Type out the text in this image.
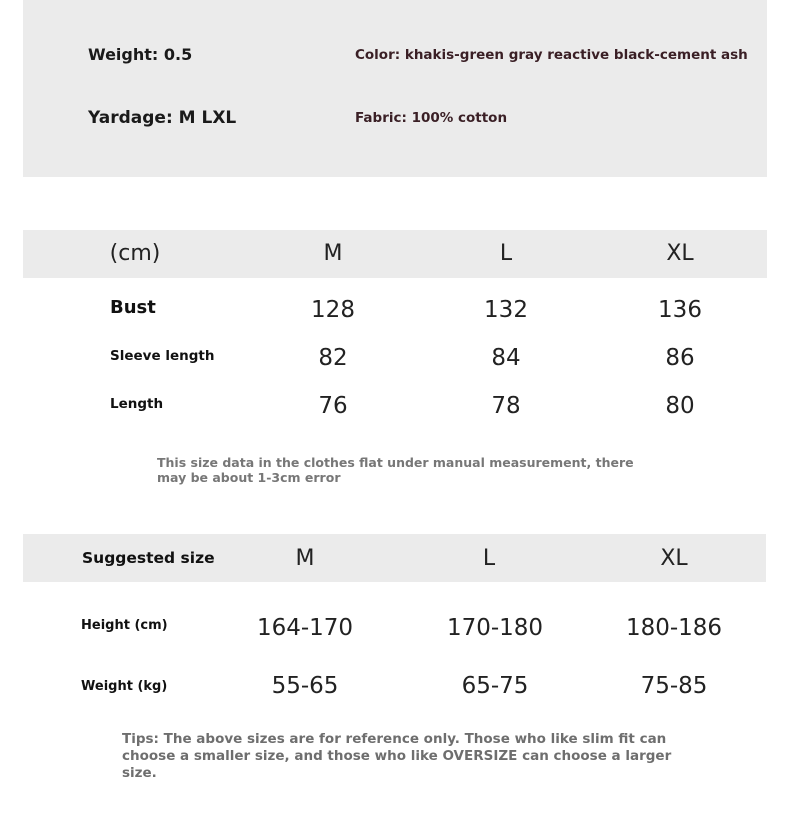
Weight: 0.5	Color: khakis-green gray reactive black-cement ash
Yardage: M LXL	Fabric: 100% cotton
(cm)	M	L	XL
Bust	128	132	136
Sleeve length	82	84	86
Length	76	78	80
This size data in the clothes flat under manual measurement, there may be about 1-3cm error
Suggested size	M	L	XL
Height (cm)	164-170	170-180	180-186
Weight (kg)	55-65	65-75	75-85
Tips: The above sizes are for reference only. Those who like slim fit can choose a smaller size, and those who like OVERSIZE can choose a larger size.
